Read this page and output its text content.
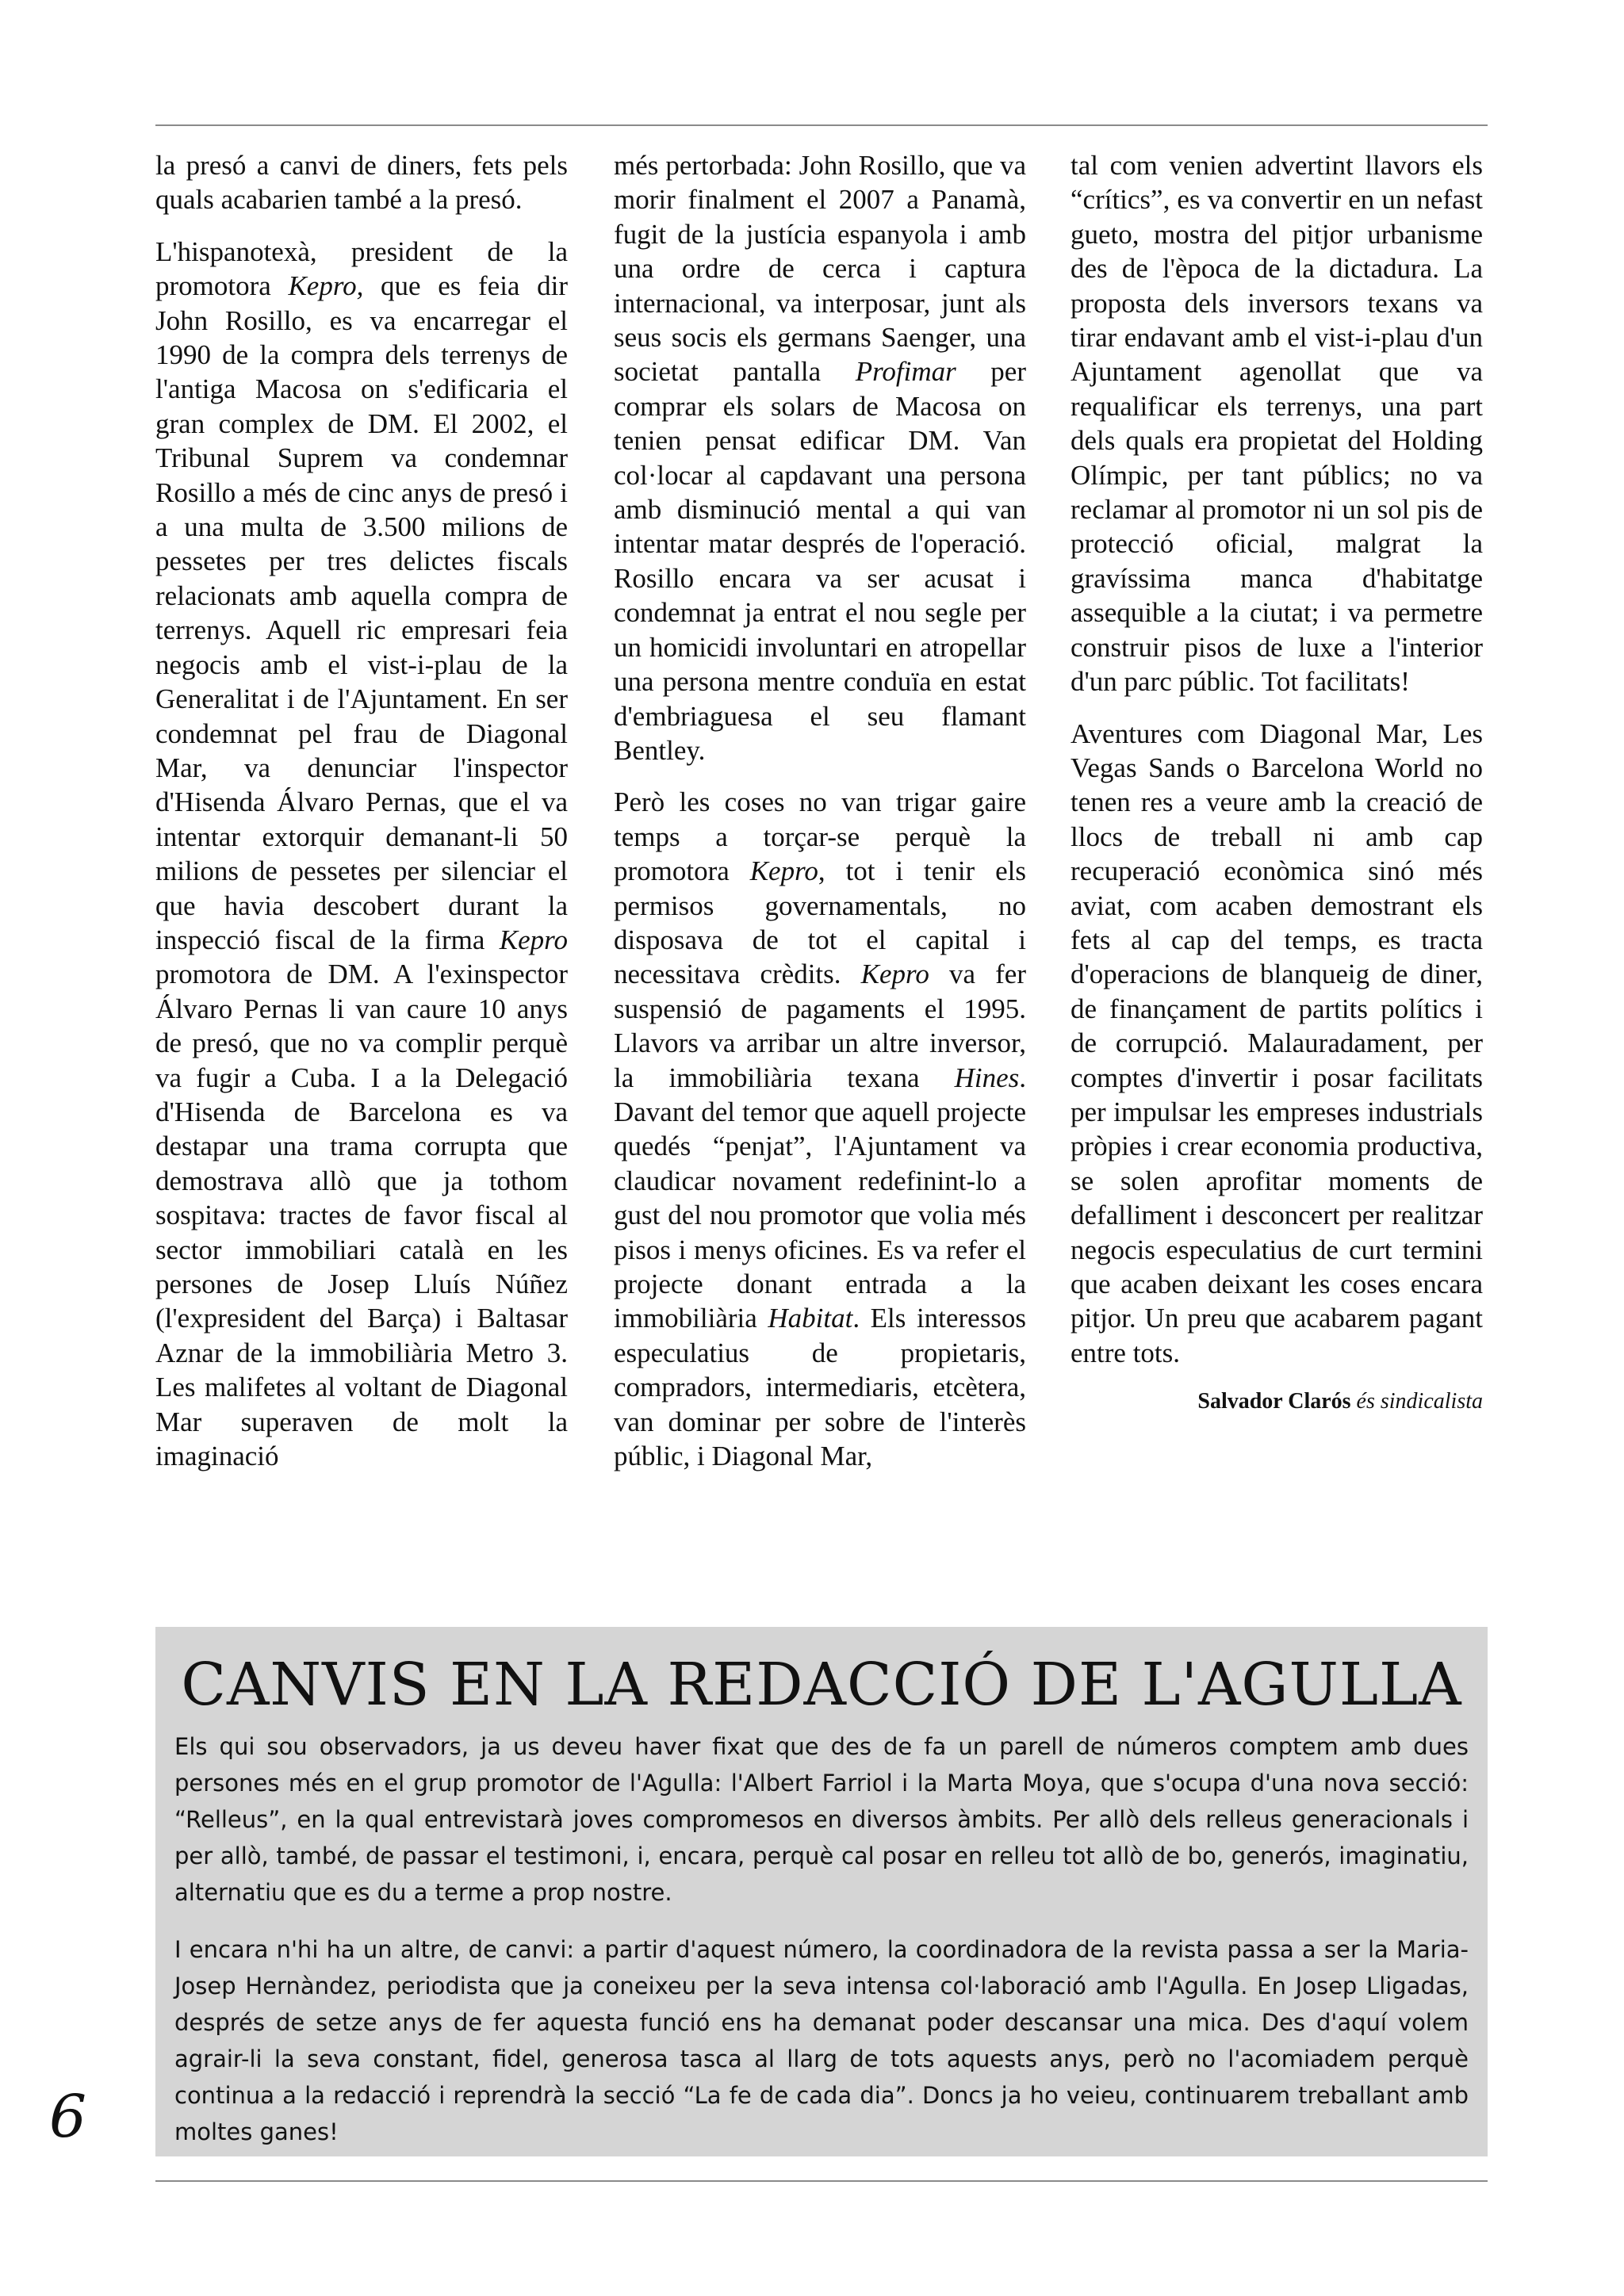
la presó a canvi de diners, fets pels quals acabarien també a la presó.

L'hispanotexà, president de la promotora Kepro, que es feia dir John Rosillo, es va encarregar el 1990 de la compra dels terrenys de l'antiga Macosa on s'edificaria el gran complex de DM. El 2002, el Tribunal Suprem va condemnar Rosillo a més de cinc anys de presó i a una multa de 3.500 milions de pessetes per tres delictes fiscals relacionats amb aquella compra de terrenys. Aquell ric empresari feia negocis amb el vist-i-plau de la Generalitat i de l'Ajuntament. En ser condemnat pel frau de Diagonal Mar, va denunciar l'inspector d'Hisenda Álvaro Pernas, que el va intentar extorquir demanant-li 50 milions de pessetes per silenciar el que havia descobert durant la inspecció fiscal de la firma Kepro promotora de DM. A l'exinspector Álvaro Pernas li van caure 10 anys de presó, que no va complir perquè va fugir a Cuba. I a la Delegació d'Hisenda de Barcelona es va destapar una trama corrupta que demostrava allò que ja tothom sospitava: tractes de favor fiscal al sector immobiliari català en les persones de Josep Lluís Núñez (l'expresident del Barça) i Baltasar Aznar de la immobiliària Metro 3. Les malifetes al voltant de Diagonal Mar superaven de molt la imaginació

més pertorbada: John Rosillo, que va morir finalment el 2007 a Panamà, fugit de la justícia espanyola i amb una ordre de cerca i captura internacional, va interposar, junt als seus socis els germans Saenger, una societat pantalla Profimar per comprar els solars de Macosa on tenien pensat edificar DM. Van col·locar al capdavant una persona amb disminució mental a qui van intentar matar després de l'operació. Rosillo encara va ser acusat i condemnat ja entrat el nou segle per un homicidi involuntari en atropellar una persona mentre conduïa en estat d'embriaguesa el seu flamant Bentley.

Però les coses no van trigar gaire temps a torçar-se perquè la promotora Kepro, tot i tenir els permisos governamentals, no disposava de tot el capital i necessitava crèdits. Kepro va fer suspensió de pagaments el 1995. Llavors va arribar un altre inversor, la immobiliària texana Hines. Davant del temor que aquell projecte quedés “penjat”, l'Ajuntament va claudicar novament redefinint-lo a gust del nou promotor que volia més pisos i menys oficines. Es va refer el projecte donant entrada a la immobiliària Habitat. Els interessos especulatius de propietaris, compradors, intermediaris, etcètera, van dominar per sobre de l'interès públic, i Diagonal Mar,

tal com venien advertint llavors els “crítics”, es va convertir en un nefast gueto, mostra del pitjor urbanisme des de l'època de la dictadura. La proposta dels inversors texans va tirar endavant amb el vist-i-plau d'un Ajuntament agenollat que va requalificar els terrenys, una part dels quals era propietat del Holding Olímpic, per tant públics; no va reclamar al promotor ni un sol pis de protecció oficial, malgrat la gravíssima manca d'habitatge assequible a la ciutat; i va permetre construir pisos de luxe a l'interior d'un parc públic. Tot facilitats!

Aventures com Diagonal Mar, Les Vegas Sands o Barcelona World no tenen res a veure amb la creació de llocs de treball ni amb cap recuperació econòmica sinó més aviat, com acaben demostrant els fets al cap del temps, es tracta d'operacions de blanqueig de diner, de finançament de partits polítics i de corrupció. Malauradament, per comptes d'invertir i posar facilitats per impulsar les empreses industrials pròpies i crear economia productiva, se solen aprofitar moments de defalliment i desconcert per realitzar negocis especulatius de curt termini que acaben deixant les coses encara pitjor. Un preu que acabarem pagant entre tots.

Salvador Clarós és sindicalista

CANVIS EN LA REDACCIÓ DE L'AGULLA

Els qui sou observadors, ja us deveu haver fixat que des de fa un parell de números comptem amb dues persones més en el grup promotor de l'Agulla: l'Albert Farriol i la Marta Moya, que s'ocupa d'una nova secció: “Relleus”, en la qual entrevistarà joves compromesos en diversos àmbits. Per allò dels relleus generacionals i per allò, també, de passar el testimoni, i, encara, perquè cal posar en relleu tot allò de bo, generós, imaginatiu, alternatiu que es du a terme a prop nostre.

I encara n'hi ha un altre, de canvi: a partir d'aquest número, la coordinadora de la revista passa a ser la Maria-Josep Hernàndez, periodista que ja coneixeu per la seva intensa col·laboració amb l'Agulla. En Josep Lligadas, després de setze anys de fer aquesta funció ens ha demanat poder descansar una mica. Des d'aquí volem agrair-li la seva constant, fidel, generosa tasca al llarg de tots aquests anys, però no l'acomiadem perquè continua a la redacció i reprendrà la secció “La fe de cada dia”. Doncs ja ho veieu, continuarem treballant amb moltes ganes!

6
